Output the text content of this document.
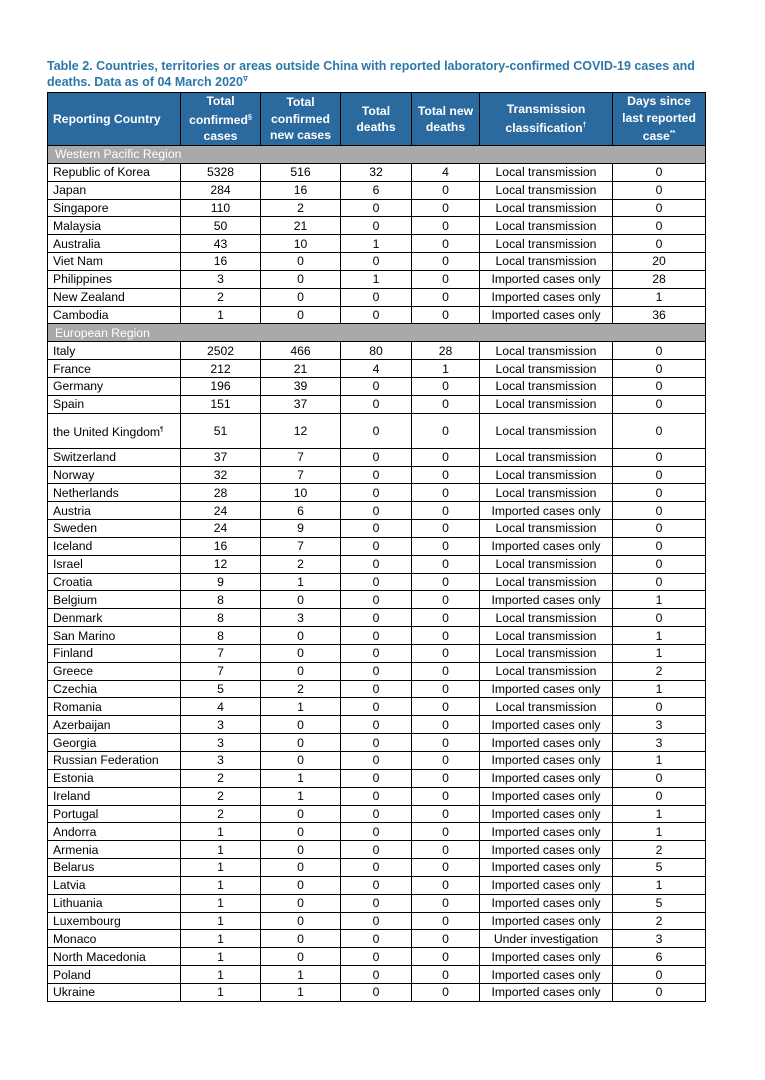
Table 2. Countries, territories or areas outside China with reported laboratory-confirmed COVID-19 cases and deaths. Data as of 04 March 2020∇

Reporting Country	Total confirmed§ cases	Total confirmed new cases	Total deaths	Total new deaths	Transmission classification†	Days since last reported case**
Western Pacific Region						
Republic of Korea	5328	516	32	4	Local transmission	0
Japan	284	16	6	0	Local transmission	0
Singapore	110	2	0	0	Local transmission	0
Malaysia	50	21	0	0	Local transmission	0
Australia	43	10	1	0	Local transmission	0
Viet Nam	16	0	0	0	Local transmission	20
Philippines	3	0	1	0	Imported cases only	28
New Zealand	2	0	0	0	Imported cases only	1
Cambodia	1	0	0	0	Imported cases only	36
European Region						
Italy	2502	466	80	28	Local transmission	0
France	212	21	4	1	Local transmission	0
Germany	196	39	0	0	Local transmission	0
Spain	151	37	0	0	Local transmission	0
the United Kingdom¶	51	12	0	0	Local transmission	0
Switzerland	37	7	0	0	Local transmission	0
Norway	32	7	0	0	Local transmission	0
Netherlands	28	10	0	0	Local transmission	0
Austria	24	6	0	0	Imported cases only	0
Sweden	24	9	0	0	Local transmission	0
Iceland	16	7	0	0	Imported cases only	0
Israel	12	2	0	0	Local transmission	0
Croatia	9	1	0	0	Local transmission	0
Belgium	8	0	0	0	Imported cases only	1
Denmark	8	3	0	0	Local transmission	0
San Marino	8	0	0	0	Local transmission	1
Finland	7	0	0	0	Local transmission	1
Greece	7	0	0	0	Local transmission	2
Czechia	5	2	0	0	Imported cases only	1
Romania	4	1	0	0	Local transmission	0
Azerbaijan	3	0	0	0	Imported cases only	3
Georgia	3	0	0	0	Imported cases only	3
Russian Federation	3	0	0	0	Imported cases only	1
Estonia	2	1	0	0	Imported cases only	0
Ireland	2	1	0	0	Imported cases only	0
Portugal	2	0	0	0	Imported cases only	1
Andorra	1	0	0	0	Imported cases only	1
Armenia	1	0	0	0	Imported cases only	2
Belarus	1	0	0	0	Imported cases only	5
Latvia	1	0	0	0	Imported cases only	1
Lithuania	1	0	0	0	Imported cases only	5
Luxembourg	1	0	0	0	Imported cases only	2
Monaco	1	0	0	0	Under investigation	3
North Macedonia	1	0	0	0	Imported cases only	6
Poland	1	1	0	0	Imported cases only	0
Ukraine	1	1	0	0	Imported cases only	0
